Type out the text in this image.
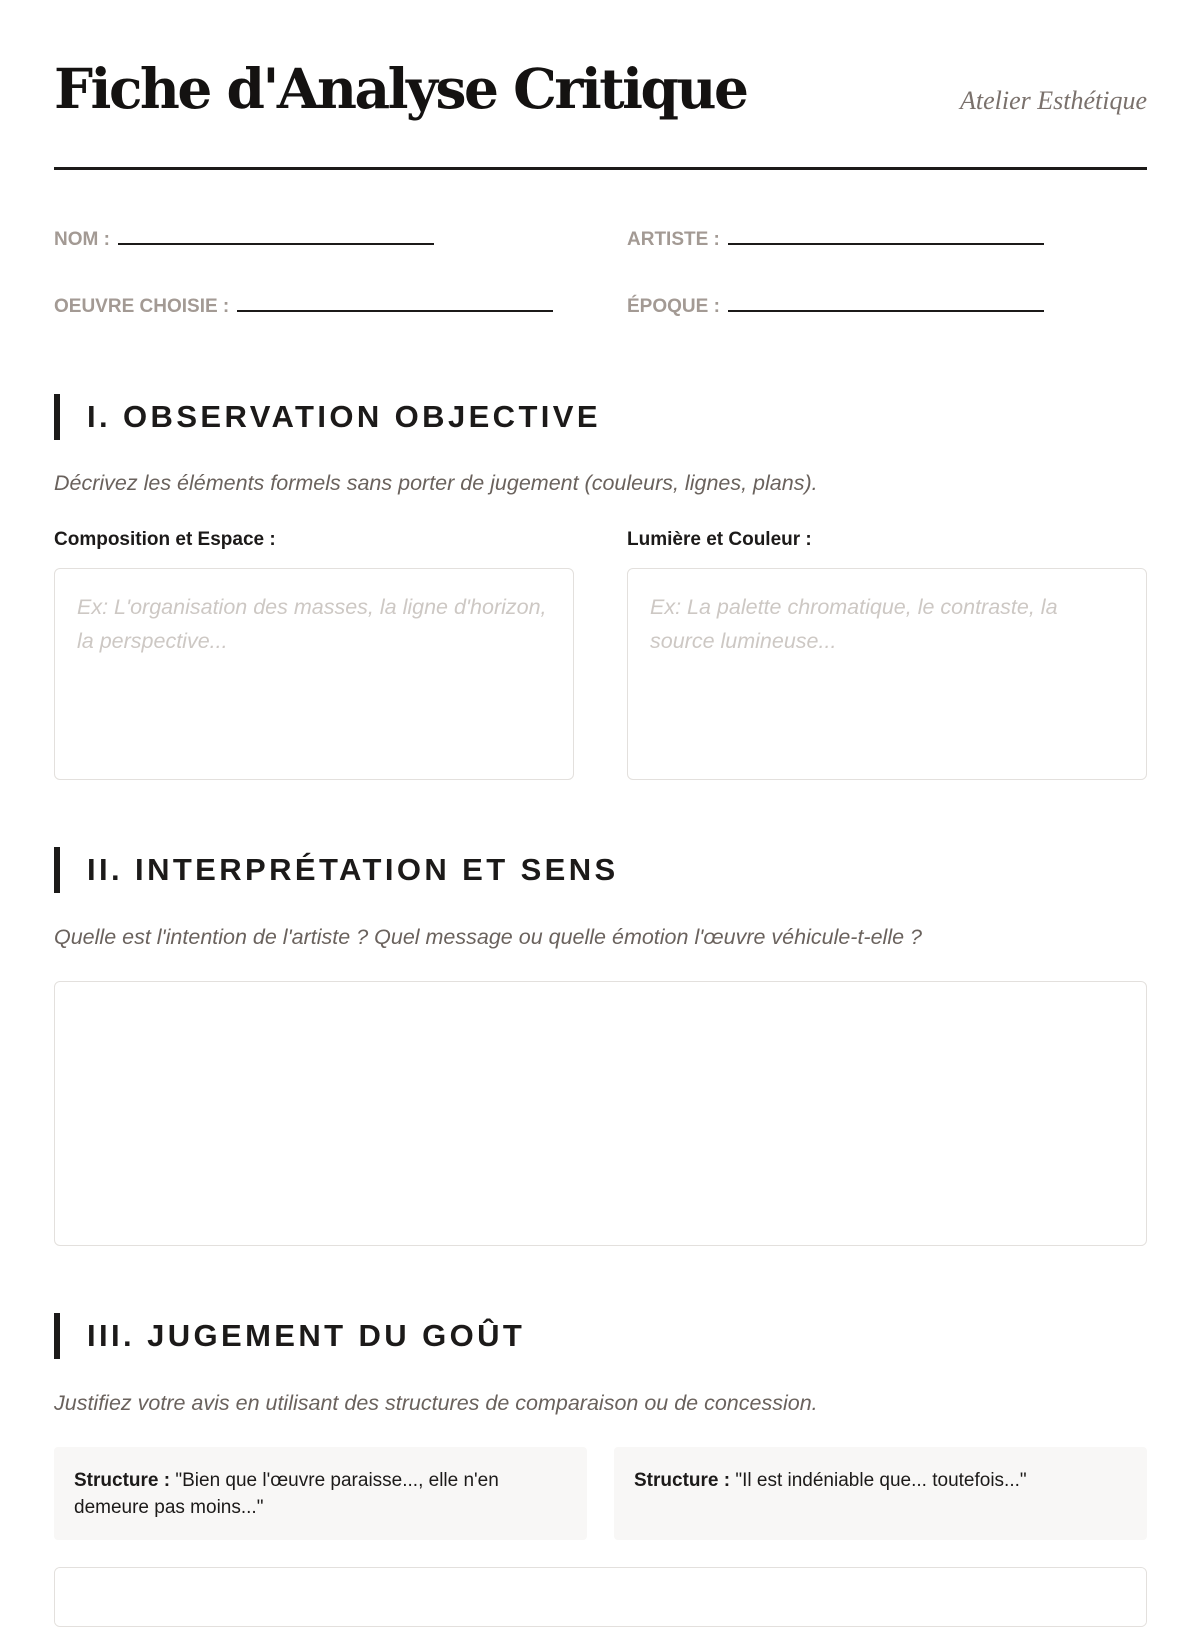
Fiche d'Analyse Critique	Atelier Esthétique
NOM :	ARTISTE :
OEUVRE CHOISIE :	ÉPOQUE :
I. OBSERVATION OBJECTIVE
Décrivez les éléments formels sans porter de jugement (couleurs, lignes, plans).
Composition et Espace :	Lumière et Couleur :
Ex: L'organisation des masses, la ligne d'horizon, la perspective...
Ex: La palette chromatique, le contraste, la source lumineuse...
II. INTERPRÉTATION ET SENS
Quelle est l'intention de l'artiste ? Quel message ou quelle émotion l'œuvre véhicule-t-elle ?
III. JUGEMENT DU GOÛT
Justifiez votre avis en utilisant des structures de comparaison ou de concession.
Structure : "Bien que l'œuvre paraisse..., elle n'en demeure pas moins..."
Structure : "Il est indéniable que... toutefois..."
